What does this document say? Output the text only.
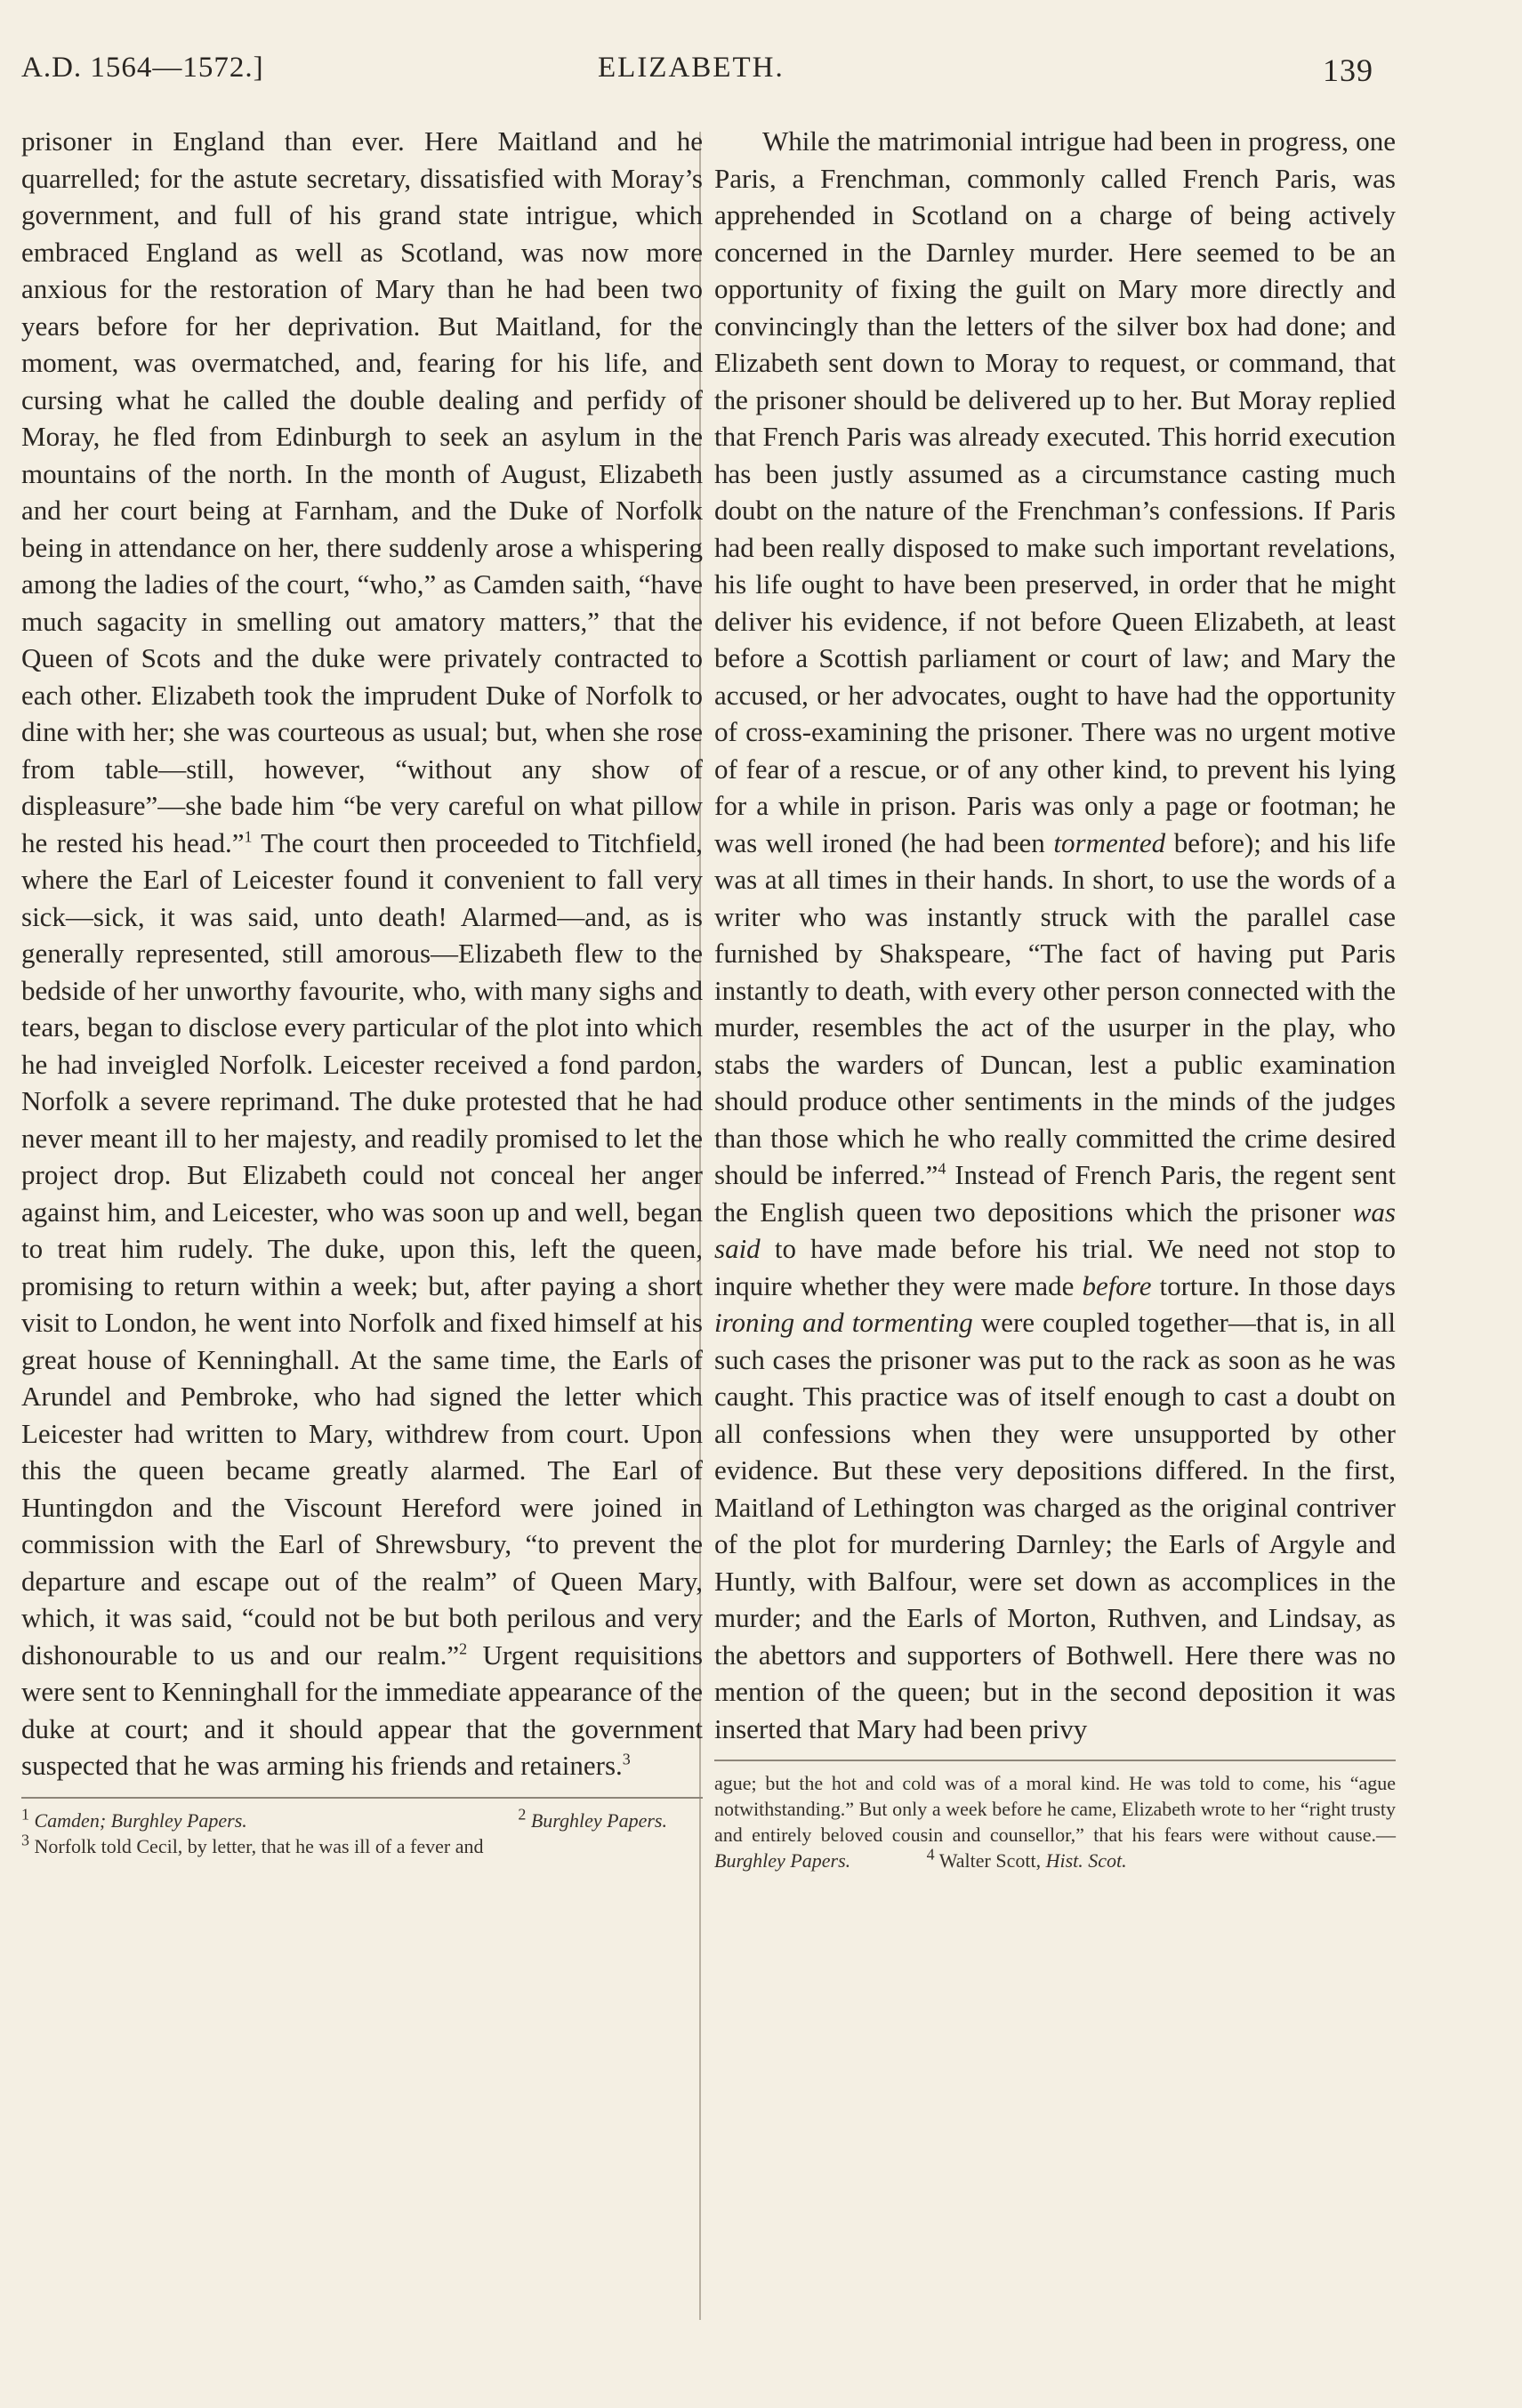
A.D. 1564—1572.]	ELIZABETH.	139

prisoner in England than ever. Here Maitland and he quarrelled; for the astute secretary, dissatisfied with Moray’s government, and full of his grand state intrigue, which embraced England as well as Scotland, was now more anxious for the restoration of Mary than he had been two years before for her deprivation. But Maitland, for the moment, was overmatched, and, fearing for his life, and cursing what he called the double dealing and perfidy of Moray, he fled from Edinburgh to seek an asylum in the mountains of the north. In the month of August, Elizabeth and her court being at Farnham, and the Duke of Norfolk being in attendance on her, there suddenly arose a whispering among the ladies of the court, “who,” as Camden saith, “have much sagacity in smelling out amatory matters,” that the Queen of Scots and the duke were privately contracted to each other. Elizabeth took the imprudent Duke of Norfolk to dine with her; she was courteous as usual; but, when she rose from table—still, however, “without any show of displeasure”—she bade him “be very careful on what pillow he rested his head.”$^1$ The court then proceeded to Titchfield, where the Earl of Leicester found it convenient to fall very sick—sick, it was said, unto death! Alarmed—and, as is generally represented, still amorous—Elizabeth flew to the bedside of her unworthy favourite, who, with many sighs and tears, began to disclose every particular of the plot into which he had inveigled Norfolk. Leicester received a fond pardon, Norfolk a severe reprimand. The duke protested that he had never meant ill to her majesty, and readily promised to let the project drop. But Elizabeth could not conceal her anger against him, and Leicester, who was soon up and well, began to treat him rudely. The duke, upon this, left the queen, promising to return within a week; but, after paying a short visit to London, he went into Norfolk and fixed himself at his great house of Kenninghall. At the same time, the Earls of Arundel and Pembroke, who had signed the letter which Leicester had written to Mary, withdrew from court. Upon this the queen became greatly alarmed. The Earl of Huntingdon and the Viscount Hereford were joined in commission with the Earl of Shrewsbury, “to prevent the departure and escape out of the realm” of Queen Mary, which, it was said, “could not be but both perilous and very dishonourable to us and our realm.”$^2$ Urgent requisitions were sent to Kenninghall for the immediate appearance of the duke at court; and it should appear that the government suspected that he was arming his friends and retainers.$^3$

$^1$ Camden; Burghley Papers.	$^2$ Burghley Papers.

$^3$ Norfolk told Cecil, by letter, that he was ill of a fever and

While the matrimonial intrigue had been in progress, one Paris, a Frenchman, commonly called French Paris, was apprehended in Scotland on a charge of being actively concerned in the Darnley murder. Here seemed to be an opportunity of fixing the guilt on Mary more directly and convincingly than the letters of the silver box had done; and Elizabeth sent down to Moray to request, or command, that the prisoner should be delivered up to her. But Moray replied that French Paris was already executed. This horrid execution has been justly assumed as a circumstance casting much doubt on the nature of the Frenchman’s confessions. If Paris had been really disposed to make such important revelations, his life ought to have been preserved, in order that he might deliver his evidence, if not before Queen Elizabeth, at least before a Scottish parliament or court of law; and Mary the accused, or her advocates, ought to have had the opportunity of cross-examining the prisoner. There was no urgent motive of fear of a rescue, or of any other kind, to prevent his lying for a while in prison. Paris was only a page or footman; he was well ironed (he had been tormented before); and his life was at all times in their hands. In short, to use the words of a writer who was instantly struck with the parallel case furnished by Shakspeare, “The fact of having put Paris instantly to death, with every other person connected with the murder, resembles the act of the usurper in the play, who stabs the warders of Duncan, lest a public examination should produce other sentiments in the minds of the judges than those which he who really committed the crime desired should be inferred.”$^4$ Instead of French Paris, the regent sent the English queen two depositions which the prisoner was said to have made before his trial. We need not stop to inquire whether they were made before torture. In those days ironing and tormenting were coupled together—that is, in all such cases the prisoner was put to the rack as soon as he was caught. This practice was of itself enough to cast a doubt on all confessions when they were unsupported by other evidence. But these very depositions differed. In the first, Maitland of Lethington was charged as the original contriver of the plot for murdering Darnley; the Earls of Argyle and Huntly, with Balfour, were set down as accomplices in the murder; and the Earls of Morton, Ruthven, and Lindsay, as the abettors and supporters of Bothwell. Here there was no mention of the queen; but in the second deposition it was inserted that Mary had been privy

ague; but the hot and cold was of a moral kind. He was told to come, his “ague notwithstanding.” But only a week before he came, Elizabeth wrote to her “right trusty and entirely beloved cousin and counsellor,” that his fears were without cause.—Burghley Papers.	$^4$ Walter Scott, Hist. Scot.
